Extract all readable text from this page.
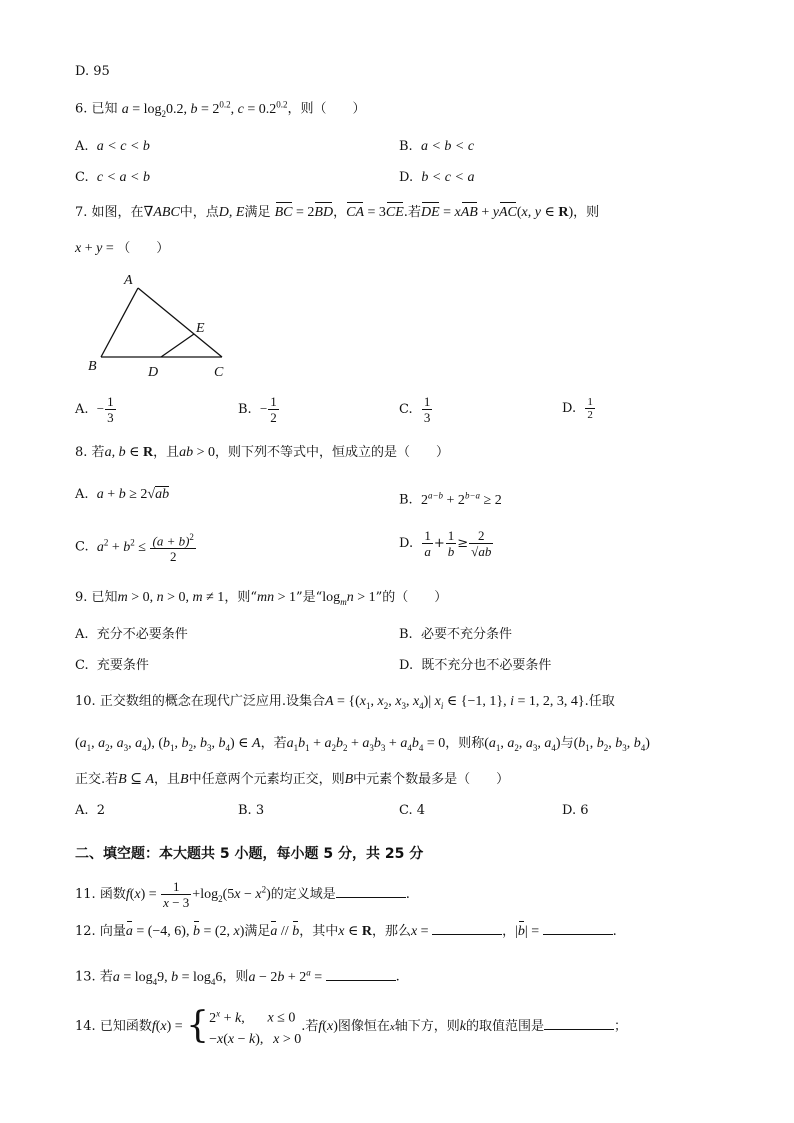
D. 95
6. 已知 $a = \log_20.2$, $b = 2^{0.2}$, $c = 0.2^{0.2}$，则（　　）
A.  a < c < b	B.  a < b < c
C.  c < a < b	D.  b < c < a
7. 如图，在∇ABC中，点D, E满足 BC = 2BD，CA = 3CE.若DE = xAB + yAC(x, y ∈ R)，则
x + y = （　　）
A
B	D	C
E
A.  − $\frac{1}{3}$	B.  − $\frac{1}{2}$	C. $\frac{1}{3}$	D. $\frac{1}{2}$
8. 若a, b ∈ R，且ab > 0，则下列不等式中，恒成立的是（　　）
A.  a + b ≥ 2√ab	B.  $2^{a-b} + 2^{b-a} \ge 2$
C.  $a^2 + b^2 \le \frac{(a + b)^2}{2}$	D. $\frac{1}{a} + \frac{1}{b} \ge \frac{2}{√ab}$
9. 已知m > 0, n > 0, m ≠ 1，则“mn > 1”是“$\log_mn > 1$”的（　　）
A.  充分不必要条件	B.  必要不充分条件
C.  充要条件	D.  既不充分也不必要条件
10. 正交数组的概念在现代广泛应用.设集合$A = \{(x_1$, $x_2$, $x_3$, $x_4)|$ $x_i$ ∈ {−1, 1}, i = 1, 2, 3, 4}.任取
($a_1$, $a_2$, $a_3$, $a_4$), ($b_1$, $b_2$, $b_3$, $b_4$) ∈ A，若$a_1b_1 + a_2b_2 + a_3b_3 + a_4b_4 = 0$，则称($a_1$, $a_2$, $a_3$, $a_4$)与($b_1$, $b_2$, $b_3$, $b_4$)
正交.若B ⊆ A，且B中任意两个元素均正交，则B中元素个数最多是（　　）
A.  2	B. 3	C. 4	D. 6
二、填空题：本大题共 5 小题，每小题 5 分，共 25 分
11. 函数$f(x) = \frac{1}{x - 3} +\log_2(5x - x^2)$的定义域是	.
12. 向量a = (−4, 6), b = (2, x)满足a // b，其中x ∈ R，那么x =	，|b| =	.
13. 若$a = \log_49$, $b = \log_46$，则$a - 2b + 2^a$ =	.
14. 已知函数f(x) = { $2^x + k$, x ≤ 0
−x(x − k), x > 0
.若f(x)图像恒在x轴下方，则k的取值范围是	；
